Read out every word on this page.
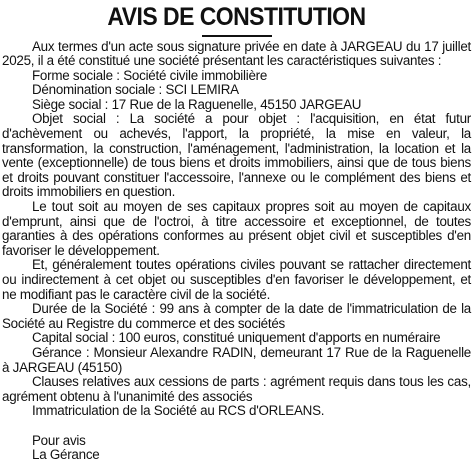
AVIS DE CONSTITUTION

Aux termes d'un acte sous signature privée en date à JARGEAU du 17 juillet 2025, il a été constitué une société présentant les caractéristiques suivantes :

Forme sociale : Société civile immobilière

Dénomination sociale : SCI LEMIRA

Siège social : 17 Rue de la Raguenelle, 45150 JARGEAU

Objet social : La société a pour objet : l'acquisition, en état futur d'achèvement ou achevés, l'apport, la propriété, la mise en valeur, la transformation, la construction, l'aménagement, l'administration, la location et la vente (exceptionnelle) de tous biens et droits immobiliers, ainsi que de tous biens et droits pouvant constituer l'accessoire, l'annexe ou le complément des biens et droits immobiliers en question.

Le tout soit au moyen de ses capitaux propres soit au moyen de capitaux d'emprunt, ainsi que de l'octroi, à titre accessoire et exceptionnel, de toutes garanties à des opérations conformes au présent objet civil et susceptibles d'en favoriser le développement.

Et, généralement toutes opérations civiles pouvant se rattacher directement ou indirectement à cet objet ou susceptibles d'en favoriser le développement, et ne modifiant pas le caractère civil de la société.

Durée de la Société : 99 ans à compter de la date de l'immatriculation de la Société au Registre du commerce et des sociétés

Capital social : 100 euros, constitué uniquement d'apports en numéraire

Gérance : Monsieur Alexandre RADIN, demeurant 17 Rue de la Raguenelle à JARGEAU (45150)

Clauses relatives aux cessions de parts : agrément requis dans tous les cas, agrément obtenu à l'unanimité des associés

Immatriculation de la Société au RCS d'ORLEANS.

Pour avis

La Gérance
